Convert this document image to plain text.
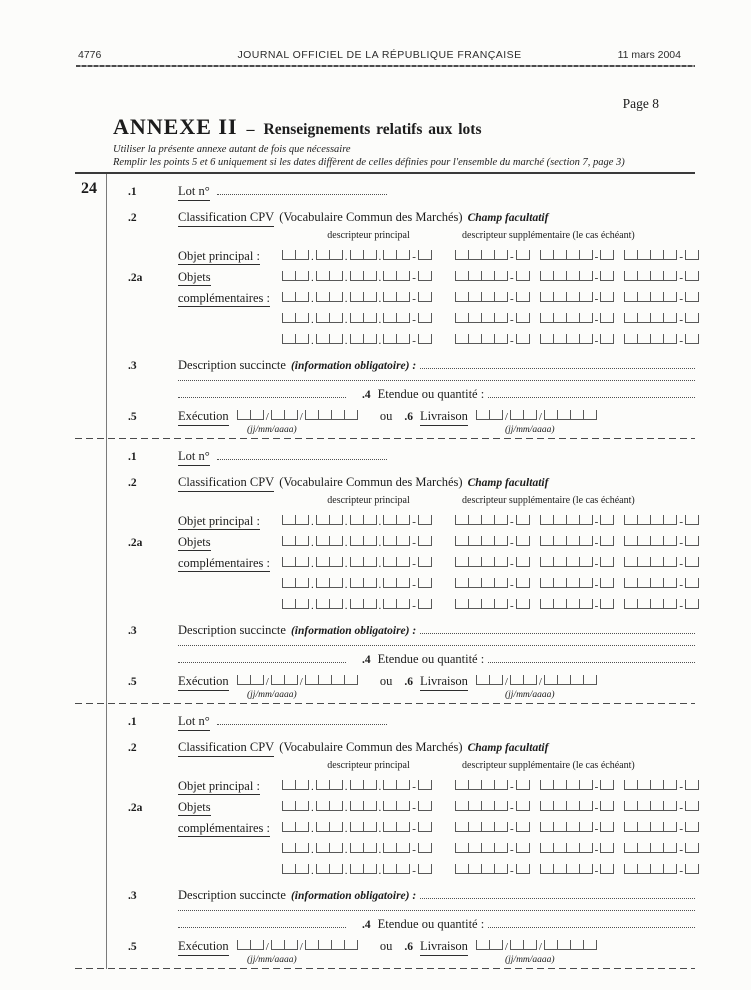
4776	JOURNAL OFFICIEL DE LA RÉPUBLIQUE FRANÇAISE	11 mars 2004
Page 8
ANNEXE II – Renseignements relatifs aux lots
Utiliser la présente annexe autant de fois que nécessaire
Remplir les points 5 et 6 uniquement si les dates diffèrent de celles définies pour l'ensemble du marché (section 7, page 3)
24	.1	Lot n°
.2	Classification CPV (Vocabulaire Commun des Marchés) Champ facultatif
descripteur principal	descripteur supplémentaire (le cas échéant)
Objet principal :	.	.	.	-	-	-	-
.2a	Objets	.	.	.	-	-	-	-
complémentaires :	.	.	.	-	-	-	-
.	.	.	-	-	-	-
.	.	.	-	-	-	-
.3	Description succincte (information obligatoire) :
.4 Etendue ou quantité :
.5	Exécution	/	/	ou .6 Livraison	/	/
(jj/mm/aaaa)	(jj/mm/aaaa)
.1	Lot n°
.2	Classification CPV (Vocabulaire Commun des Marchés) Champ facultatif
descripteur principal	descripteur supplémentaire (le cas échéant)
Objet principal :	.	.	.	-	-	-	-
.2a	Objets	.	.	.	-	-	-	-
complémentaires :	.	.	.	-	-	-	-
.	.	.	-	-	-	-
.	.	.	-	-	-	-
.3	Description succincte (information obligatoire) :
.4 Etendue ou quantité :
.5	Exécution	/	/	ou .6 Livraison	/	/
(jj/mm/aaaa)	(jj/mm/aaaa)
.1	Lot n°
.2	Classification CPV (Vocabulaire Commun des Marchés) Champ facultatif
descripteur principal	descripteur supplémentaire (le cas échéant)
Objet principal :	.	.	.	-	-	-	-
.2a	Objets	.	.	.	-	-	-	-
complémentaires :	.	.	.	-	-	-	-
.	.	.	-	-	-	-
.	.	.	-	-	-	-
.3	Description succincte (information obligatoire) :
.4 Etendue ou quantité :
.5	Exécution	/	/	ou .6 Livraison	/	/
(jj/mm/aaaa)	(jj/mm/aaaa)
